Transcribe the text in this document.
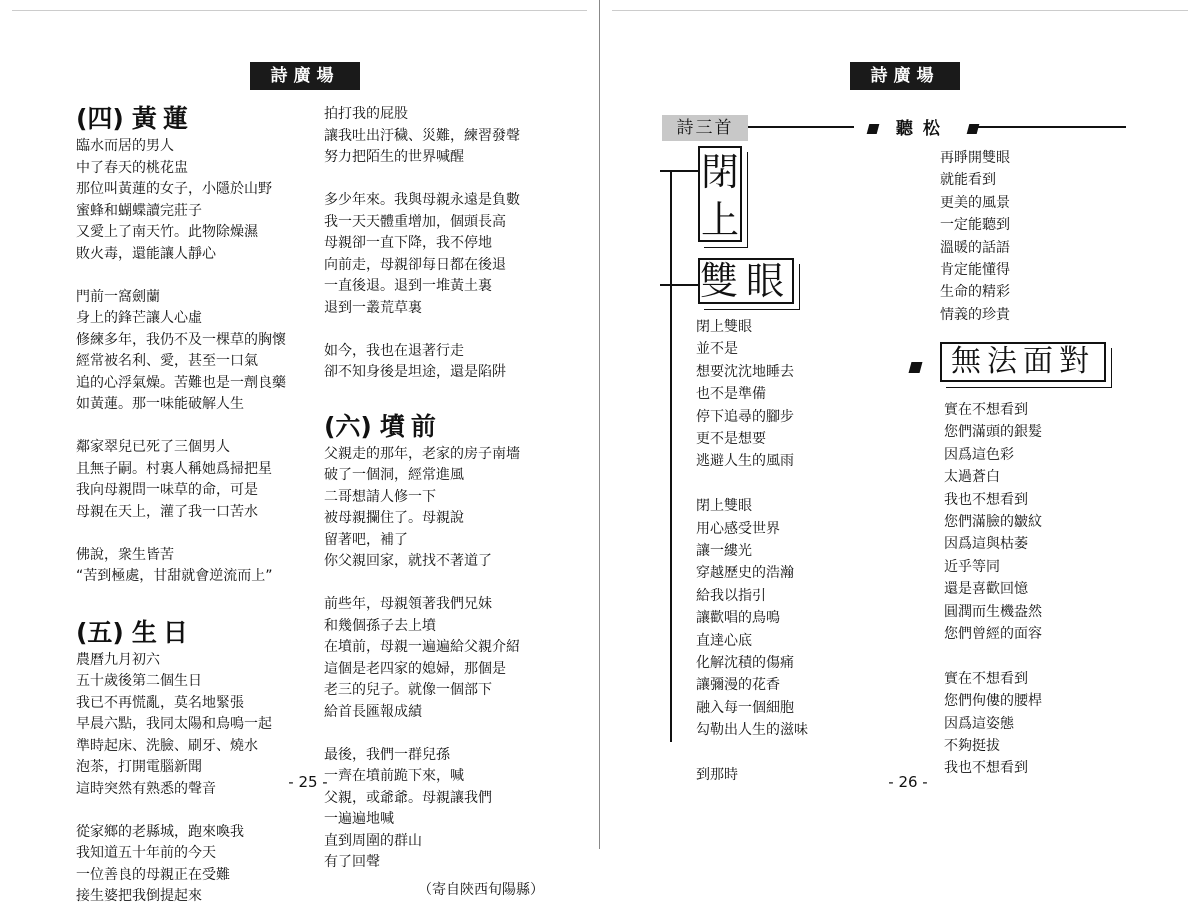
詩廣場
(四) 黃蓮
臨水而居的男人
中了春天的桃花盅
那位叫黃蓮的女子，小隱於山野
蜜蜂和蝴蝶讀完莊子
又愛上了南天竹。此物除燥濕
敗火毒，還能讓人靜心
門前一窩劍蘭
身上的鋒芒讓人心虛
修練多年，我仍不及一棵草的胸懷
經常被名利、愛，甚至一口氣
追的心浮氣燥。苦難也是一劑良藥
如黃蓮。那一味能破解人生
鄰家翠兒已死了三個男人
且無子嗣。村裏人稱她爲掃把星
我向母親問一味草的命，可是
母親在天上，灌了我一口苦水
佛說，衆生皆苦
“苦到極處，甘甜就會逆流而上”
(五) 生日
農曆九月初六
五十歲後第二個生日
我已不再慌亂，莫名地緊張
早晨六點，我同太陽和鳥鳴一起
準時起床、洗臉、刷牙、燒水
泡茶，打開電腦新聞
這時突然有熟悉的聲音
從家鄉的老縣城，跑來喚我
我知道五十年前的今天
一位善良的母親正在受難
接生婆把我倒提起來
拍打我的屁股
讓我吐出汙穢、災難，練習發聲
努力把陌生的世界喊醒
多少年來。我與母親永遠是負數
我一天天體重增加，個頭長高
母親卻一直下降，我不停地
向前走，母親卻每日都在後退
一直後退。退到一堆黃土裏
退到一叢荒草裏
如今，我也在退著行走
卻不知身後是坦途，還是陷阱
(六) 墳前
父親走的那年，老家的房子南墻
破了一個洞，經常進風
二哥想請人修一下
被母親攔住了。母親說
留著吧，補了
你父親回家，就找不著道了
前些年，母親領著我們兄妹
和幾個孫子去上墳
在墳前，母親一遍遍給父親介紹
這個是老四家的媳婦，那個是
老三的兒子。就像一個部下
給首長匯報成績
最後，我們一群兒孫
一齊在墳前跪下來，喊
父親，或爺爺。母親讓我們
一遍遍地喊
直到周圍的群山
有了回聲
（寄自陝西旬陽縣）
- 25 -
詩廣場
- 26 -
詩三首	聽松
閉
上
雙眼
閉上雙眼
並不是
想要沈沈地睡去
也不是準備
停下追尋的腳步
更不是想要
逃避人生的風雨
閉上雙眼
用心感受世界
讓一縷光
穿越歷史的浩瀚
給我以指引
讓歡唱的鳥鳴
直達心底
化解沈積的傷痛
讓彌漫的花香
融入每一個細胞
勾勒出人生的滋味
到那時
再睜開雙眼
就能看到
更美的風景
一定能聽到
溫暖的話語
肯定能懂得
生命的精彩
情義的珍貴
無法面對
實在不想看到
您們滿頭的銀髮
因爲這色彩
太過蒼白
我也不想看到
您們滿臉的皺紋
因爲這與枯萎
近乎等同
還是喜歡回憶
圓潤而生機盎然
您們曾經的面容
實在不想看到
您們佝僂的腰桿
因爲這姿態
不夠挺拔
我也不想看到
